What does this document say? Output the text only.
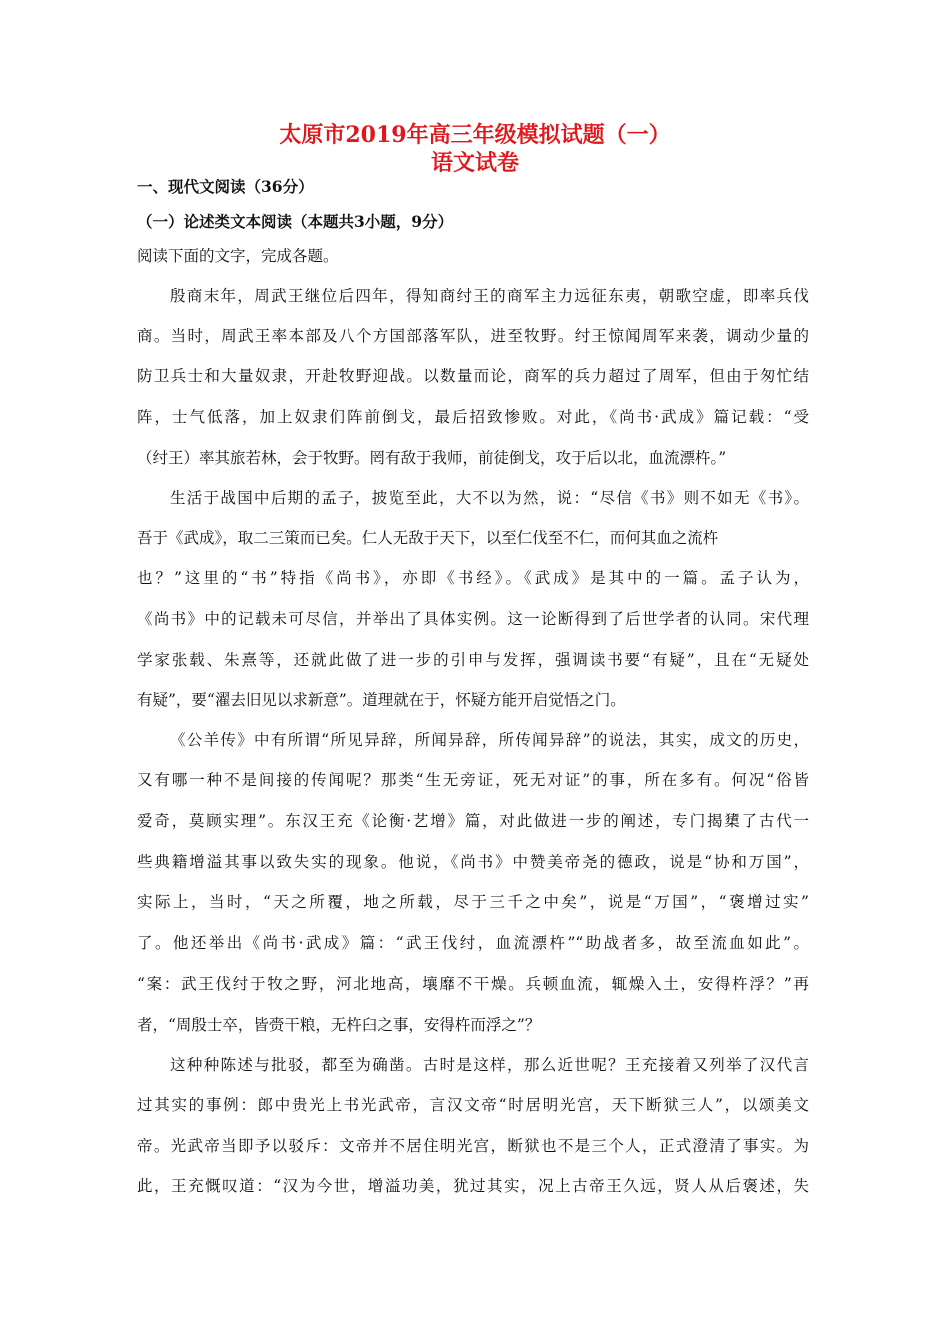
太原市2019年高三年级模拟试题（一）
语文试卷
一、现代文阅读（36分）
（一）论述类文本阅读（本题共3小题，9分）
阅读下面的文字，完成各题。
殷商末年，周武王继位后四年，得知商纣王的商军主力远征东夷，朝歌空虚，即率兵伐
商。当时，周武王率本部及八个方国部落军队，进至牧野。纣王惊闻周军来袭，调动少量的
防卫兵士和大量奴隶，开赴牧野迎战。以数量而论，商军的兵力超过了周军，但由于匆忙结
阵，士气低落，加上奴隶们阵前倒戈，最后招致惨败。对此，《尚书·武成》篇记载：“受
（纣王）率其旅若林，会于牧野。罔有敌于我师，前徒倒戈，攻于后以北，血流漂杵。”
生活于战国中后期的孟子，披览至此，大不以为然，说：“尽信《书》则不如无《书》。
吾于《武成》，取二三策而已矣。仁人无敌于天下，以至仁伐至不仁，而何其血之流杵
也？”这里的“书”特指《尚书》，亦即《书经》。《武成》是其中的一篇。孟子认为，
《尚书》中的记载未可尽信，并举出了具体实例。这一论断得到了后世学者的认同。宋代理
学家张载、朱熹等，还就此做了进一步的引申与发挥，强调读书要“有疑”，且在“无疑处
有疑”，要“濯去旧见以求新意”。道理就在于，怀疑方能开启觉悟之门。
《公羊传》中有所谓“所见异辞，所闻异辞，所传闻异辞”的说法，其实，成文的历史，
又有哪一种不是间接的传闻呢？那类“生无旁证，死无对证”的事，所在多有。何况“俗皆
爱奇，莫顾实理”。东汉王充《论衡·艺增》篇，对此做进一步的阐述，专门揭橥了古代一
些典籍增溢其事以致失实的现象。他说，《尚书》中赞美帝尧的德政，说是“协和万国”，
实际上，当时，“天之所覆，地之所载，尽于三千之中矣”，说是“万国”，“褒增过实”
了。他还举出《尚书·武成》篇：“武王伐纣，血流漂杵”“助战者多，故至流血如此”。
“案：武王伐纣于牧之野，河北地高，壤靡不干燥。兵顿血流，辄燥入土，安得杵浮？”再
者，“周殷士卒，皆赍干粮，无杵臼之事，安得杵而浮之”？
这种种陈述与批驳，都至为确凿。古时是这样，那么近世呢？王充接着又列举了汉代言
过其实的事例：郎中贵光上书光武帝，言汉文帝“时居明光宫，天下断狱三人”，以颂美文
帝。光武帝当即予以驳斥：文帝并不居住明光宫，断狱也不是三个人，正式澄清了事实。为
此，王充慨叹道：“汉为今世，增溢功美，犹过其实，况上古帝王久远，贤人从后褒述，失
